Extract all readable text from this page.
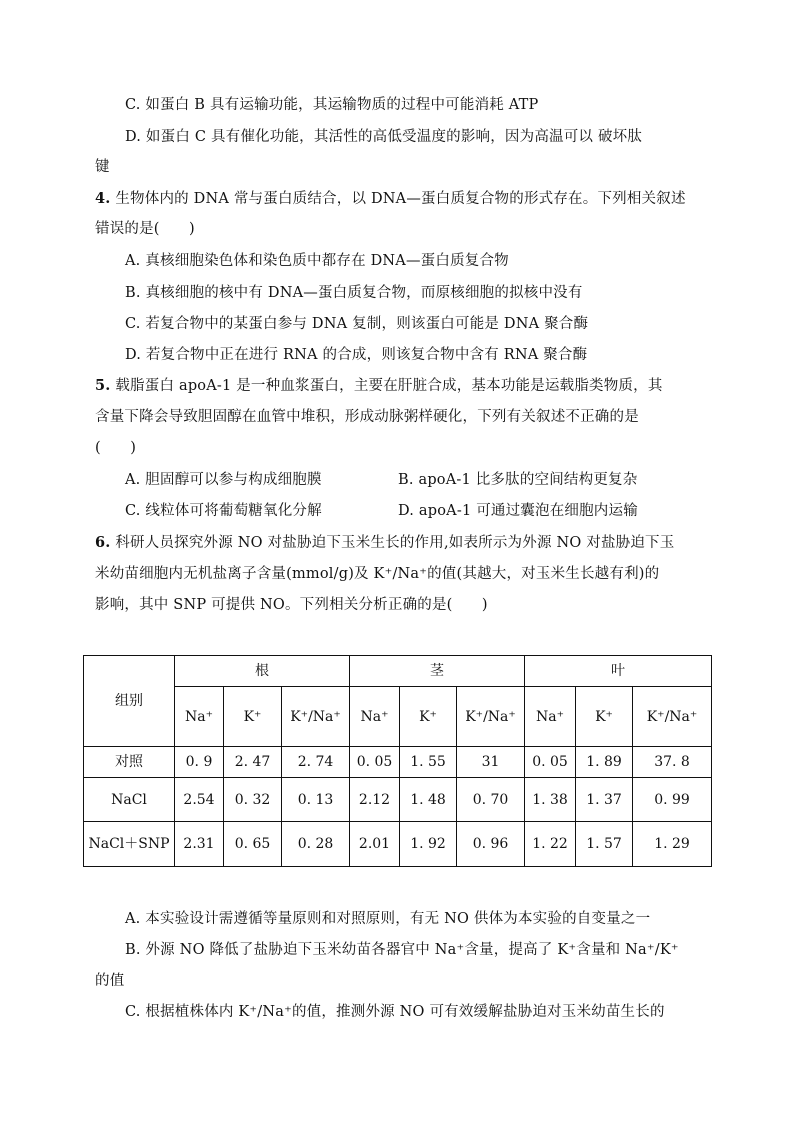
C. 如蛋白 B 具有运输功能，其运输物质的过程中可能消耗 ATP
D. 如蛋白 C 具有催化功能，其活性的高低受温度的影响，因为高温可以 破坏肽
键
4. 生物体内的 DNA 常与蛋白质结合，以 DNA—蛋白质复合物的形式存在。下列相关叙述
错误的是(　　)
A. 真核细胞染色体和染色质中都存在 DNA—蛋白质复合物
B. 真核细胞的核中有 DNA—蛋白质复合物，而原核细胞的拟核中没有
C. 若复合物中的某蛋白参与 DNA 复制，则该蛋白可能是 DNA 聚合酶
D. 若复合物中正在进行 RNA 的合成，则该复合物中含有 RNA 聚合酶
5. 载脂蛋白 apoA-1 是一种血浆蛋白，主要在肝脏合成，基本功能是运载脂类物质，其
含量下降会导致胆固醇在血管中堆积，形成动脉粥样硬化，下列有关叙述不正确的是
(　　)
A. 胆固醇可以参与构成细胞膜	B. apoA-1 比多肽的空间结构更复杂
C. 线粒体可将葡萄糖氧化分解	D. apoA-1 可通过囊泡在细胞内运输
6. 科研人员探究外源 NO 对盐胁迫下玉米生长的作用,如表所示为外源 NO 对盐胁迫下玉
米幼苗细胞内无机盐离子含量(mmol/g)及 K⁺/Na⁺的值(其越大，对玉米生长越有利)的
影响，其中 SNP 可提供 NO。下列相关分析正确的是(　　)
组别	根			茎			叶		
	Na⁺	K⁺	K⁺/Na⁺	Na⁺	K⁺	K⁺/Na⁺	Na⁺	K⁺	K⁺/Na⁺
对照	0. 9	2. 47	2. 74	0. 05	1. 55	31	0. 05	1. 89	37. 8
NaCl	2.54	0. 32	0. 13	2.12	1. 48	0. 70	1. 38	1. 37	0. 99
NaCl＋SNP	2.31	0. 65	0. 28	2.01	1. 92	0. 96	1. 22	1. 57	1. 29
A. 本实验设计需遵循等量原则和对照原则，有无 NO 供体为本实验的自变量之一
B. 外源 NO 降低了盐胁迫下玉米幼苗各器官中 Na⁺含量，提高了 K⁺含量和 Na⁺/K⁺
的值
C. 根据植株体内 K⁺/Na⁺的值，推测外源 NO 可有效缓解盐胁迫对玉米幼苗生长的
